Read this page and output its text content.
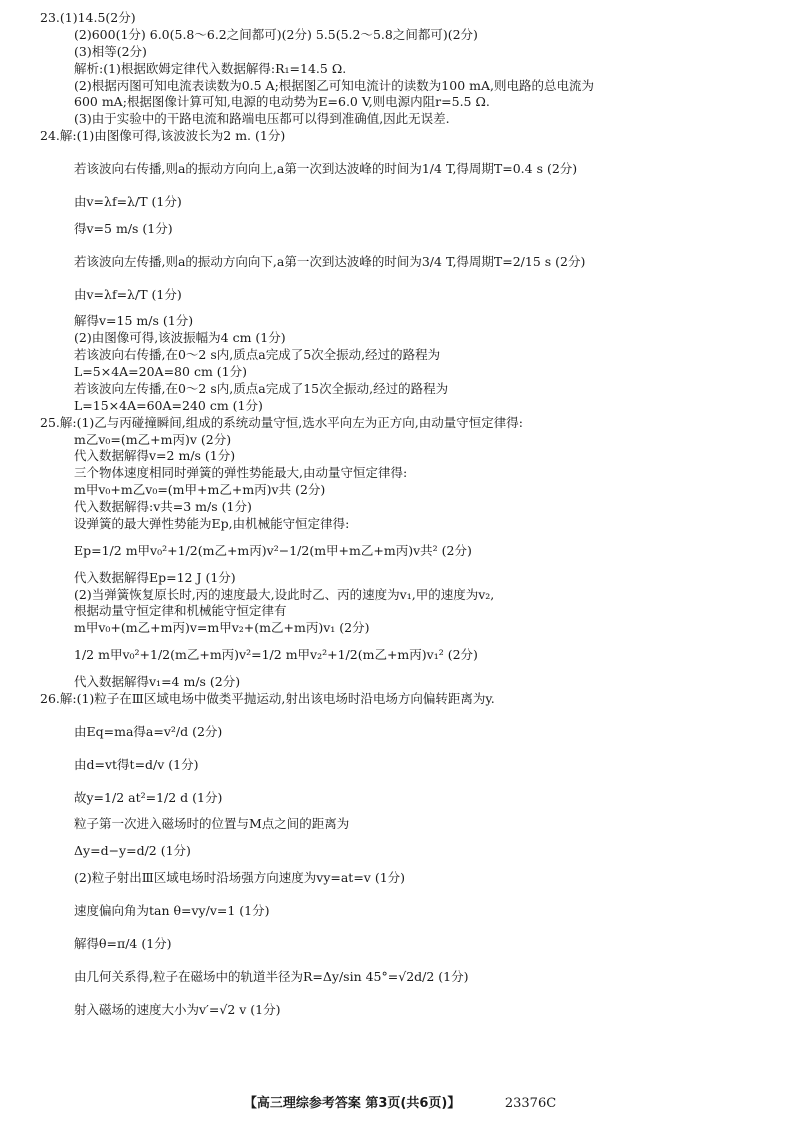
23.(1)14.5(2分)

(2)600(1分) 6.0(5.8～6.2之间都可)(2分) 5.5(5.2～5.8之间都可)(2分)

(3)相等(2分)

解析:(1)根据欧姆定律代入数据解得:R₁=14.5 Ω.

(2)根据丙图可知电流表读数为0.5 A;根据图乙可知电流计的读数为100 mA,则电路的总电流为

600 mA;根据图像计算可知,电源的电动势为E=6.0 V,则电源内阻r=5.5 Ω.

(3)由于实验中的干路电流和路端电压都可以得到准确值,因此无误差.

24.解:(1)由图像可得,该波波长为2 m. (1分)

若该波向右传播,则a的振动方向向上,a第一次到达波峰的时间为1/4 T,得周期T=0.4 s (2分)

由v=λf=λ/T (1分)

得v=5 m/s (1分)

若该波向左传播,则a的振动方向向下,a第一次到达波峰的时间为3/4 T,得周期T=2/15 s (2分)

由v=λf=λ/T (1分)

解得v=15 m/s (1分)

(2)由图像可得,该波振幅为4 cm (1分)

若该波向右传播,在0～2 s内,质点a完成了5次全振动,经过的路程为

L=5×4A=20A=80 cm (1分)

若该波向左传播,在0～2 s内,质点a完成了15次全振动,经过的路程为

L=15×4A=60A=240 cm (1分)

25.解:(1)乙与丙碰撞瞬间,组成的系统动量守恒,选水平向左为正方向,由动量守恒定律得:

m乙v₀=(m乙+m丙)v (2分)

代入数据解得v=2 m/s (1分)

三个物体速度相同时弹簧的弹性势能最大,由动量守恒定律得:

m甲v₀+m乙v₀=(m甲+m乙+m丙)v共 (2分)

代入数据解得:v共=3 m/s (1分)

设弹簧的最大弹性势能为Ep,由机械能守恒定律得:

Ep=1/2 m甲v₀²+1/2(m乙+m丙)v²−1/2(m甲+m乙+m丙)v共² (2分)

代入数据解得Ep=12 J (1分)

(2)当弹簧恢复原长时,丙的速度最大,设此时乙、丙的速度为v₁,甲的速度为v₂,

根据动量守恒定律和机械能守恒定律有

m甲v₀+(m乙+m丙)v=m甲v₂+(m乙+m丙)v₁ (2分)

1/2 m甲v₀²+1/2(m乙+m丙)v²=1/2 m甲v₂²+1/2(m乙+m丙)v₁² (2分)

代入数据解得v₁=4 m/s (2分)

26.解:(1)粒子在Ⅲ区域电场中做类平抛运动,射出该电场时沿电场方向偏转距离为y.

由Eq=ma得a=v²/d (2分)

由d=vt得t=d/v (1分)

故y=1/2 at²=1/2 d (1分)

粒子第一次进入磁场时的位置与M点之间的距离为

Δy=d−y=d/2 (1分)

(2)粒子射出Ⅲ区域电场时沿场强方向速度为vy=at=v (1分)

速度偏向角为tan θ=vy/v=1 (1分)

解得θ=π/4 (1分)

由几何关系得,粒子在磁场中的轨道半径为R=Δy/sin 45°=√2d/2 (1分)

射入磁场的速度大小为v′=√2 v (1分)

【高三理综参考答案 第3页(共6页)】	23376C
